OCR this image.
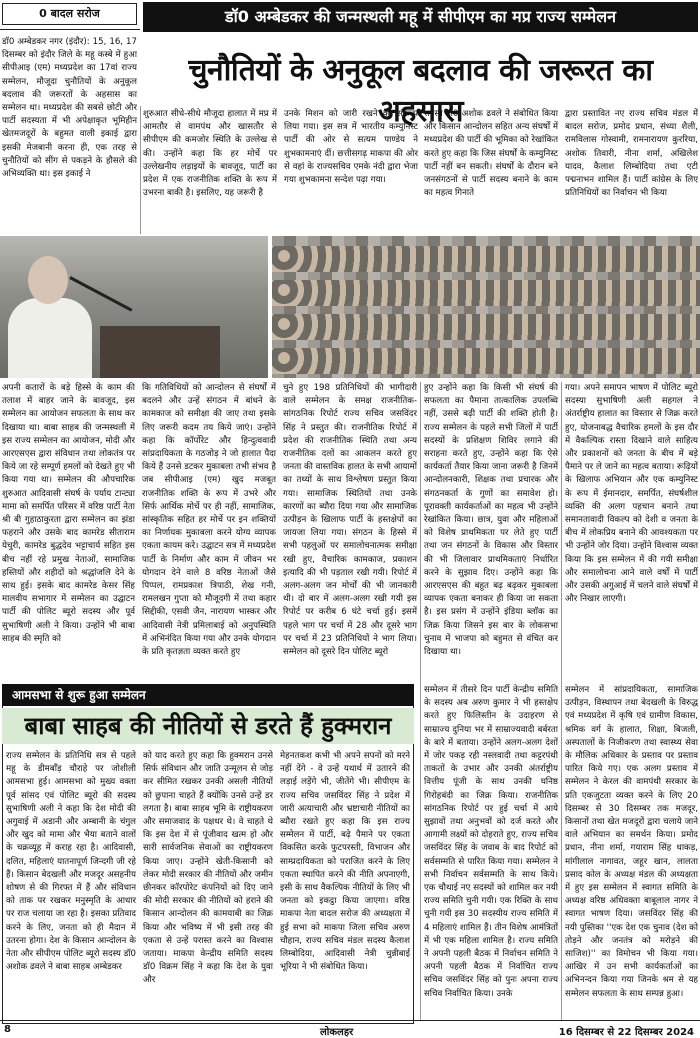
0 बादल सरोज	डॉ0 अम्बेडकर की जन्मस्थली महू में सीपीएम का मप्र राज्य सम्मेलन
चुनौतियों के अनुकूल बदलाव की जरूरत का अहसास
डॉ0 अम्बेडकर नगर (इंदौर): 15, 16, 17 दिसम्बर को इंदौर जिले के महू कस्बे में हुआ सीपीआइ (एम) मध्यप्रदेश का 17वां राज्य सम्मेलन, मौजूदा चुनौतियों के अनुकूल बदलाव की जरूरतों के अहसास का सम्मेलन था। मध्यप्रदेश की सबसे छोटी और पार्टी सदस्यता में भी अपेक्षाकृत भूमिहीन खेतमजदूरों के बहुमत वाली इकाई द्वारा इसकी मेजबानी करना ही, एक तरह से चुनौतियों को सींग से पकड़ने के हौसले की अभिव्यक्ति था। इस इकाई ने
शुरुआत सीधे-सीधे मौजूदा हालात में मप्र में आमतौर से वामपंथ और खासतौर से सीपीएम की कमजोर स्थिति के उल्लेख से की। उन्होंने कहा कि हर मोर्चे पर उल्लेखनीय लड़ाइयों के बावजूद, पार्टी का प्रदेश में एक राजनीतिक शक्ति के रूप में उभरना बाकी है। इसलिए, यह जरूरी है
उनके मिशन को जारी रखने का संकल्प लिया गया। इस सत्र में भारतीय कम्युनिस्ट पार्टी की ओर से सत्यम पाण्डेय ने शुभकामनाएं दीं। छत्तीसगढ़ माकपा की ओर से वहां के राज्यसचिव एमके नंदी द्वारा भेजा गया शुभकामना सन्देश पढ़ा गया।
सदस्य डॉ0 अशोक ढवले ने संबोधित किया और किसान आन्दोलन सहित अन्य संघर्षों में मध्यप्रदेश की पार्टी की भूमिका को रेखांकित करते हुए कहा कि जिस संघर्षों के कम्युनिस्ट पार्टी नहीं बन सकती। संघर्षों के दौरान बने जनसंगठनों से पार्टी सदस्य बनाने के काम का महत्व गिनाते
द्वारा प्रस्तावित नए राज्य सचिव मंडल में बादल सरोज, प्रमोद प्रधान, संध्या शैली, रामविलास गोस्वामी, रामनारायण कुररिया, अशोक तिवारी, नीना शर्मा, अखिलेश यादव, कैलाश लिम्बोदिया तथा एटी पद्मनाभन शामिल हैं। पार्टी कांग्रेस के लिए प्रतिनिधियों का निर्वाचन भी किया
अपनी कतारों के बड़े हिस्से के काम की तलाश में बाहर जाने के बावजूद, इस सम्मेलन का आयोजन सफलता के साथ कर दिखाया था। बाबा साहब की जन्मस्थली में इस राज्य सम्मेलन का आयोजन, मोदी और आरएसएस द्वारा संविधान तथा लोकतंत्र पर किये जा रहे सम्पूर्ण हमलों को देखते हुए भी किया गया था। सम्मेलन की औपचारिक शुरुआत आदिवासी संघर्ष के पर्याय टान्ट्या मामा को समर्पित परिसर में वरिष्ठ पार्टी नेता श्री बी गुहाठाकुरता द्वारा सम्मेलन का झंडा फहराने और उसके बाद कामरेड सीताराम येचुरी, कामरेड बुद्धदेव भट्टाचार्य सहित इस बीच नहीं रहे प्रमुख नेताओं, सामाजिक हस्तियों और शहीदों को श्रद्धांजलि देने के साथ हुई। इसके बाद कामरेड केसर सिंह मालवीय सभागार में सम्मेलन का उद्घाटन पार्टी की पोलिट ब्यूरो सदस्य और पूर्व सुभाषिणी अली ने किया। उन्होंने भी बाबा साहब की स्मृति को
कि गतिविधियों को आन्दोलन से संघर्षों में बदलने और उन्हें संगठन में बांधने के कामकाज को समीक्षा की जाए तथा इसके लिए जरूरी कदम तय किये जाएं। उन्होंने कहा कि कॉर्पोरेट और हिन्दुत्ववादी सांप्रदायिकता के गठजोड़ ने जो हालात पैदा किये हैं उनसे डटकर मुकाबला तभी संभव है जब सीपीआइ (एम) खुद मजबूत राजनीतिक शक्ति के रूप में उभरे और सिर्फ आर्थिक मोर्चे पर ही नहीं, सामाजिक, सांस्कृतिक सहित हर मोर्चे पर इन शक्तियों का निर्णायक मुकाबला करने योग्य व्यापक एकता कायम करे। उद्घाटन सत्र में मध्यप्रदेश पार्टी के निर्माण और काम में जीवन भर योगदान देने वाले 8 वरिष्ठ नेताओं जैसे पिप्पल, रामप्रकाश त्रिपाठी, शेख गनी, रामलखन गुप्ता को मौजूदगी में तथा कहार सिद्दीकी, एसवी जैन, नारायण भास्कर और आदिवासी नेत्री प्रमिलाबाई को अनुपस्थिति में अभिनंदित किया गया और उनके योगदान के प्रति कृतज्ञता व्यक्त करते हुए
चुने हुए 198 प्रतिनिधियों की भागीदारी वाले सम्मेलन के समक्ष राजनीतिक-सांगठनिक रिपोर्ट राज्य सचिव जसविंदर सिंह ने प्रस्तुत की। राजनीतिक रिपोर्ट में प्रदेश की राजनीतिक स्थिति तथा अन्य राजनीतिक दलों का आकलन करते हुए जनता की वास्तविक हालत के सभी आयामों का तथ्यों के साथ विश्लेषण प्रस्तुत किया गया। सामाजिक स्थितियों तथा उनके कारणों का ब्यौरा दिया गया और सामाजिक उत्पीड़न के खिलाफ पार्टी के हस्तक्षेपों का जायजा लिया गया। संगठन के हिस्से में सभी पहलुओं पर समालोचनात्मक समीक्षा रखी हुए, वैचारिक कामकाज, प्रकाशन इत्यादि की भी पड़ताल रखी गयी। रिपोर्ट में अलग-अलग जन मोर्चों की भी जानकारी थी। दो बार में अलग-अलग रखी गयी इस रिपोर्ट पर करीब 6 घंटे चर्चा हुई। इसमें पहले भाग पर चर्चा में 28 और दूसरे भाग पर चर्चा में 23 प्रतिनिधियों ने भाग लिया। सम्मेलन को दूसरे दिन पोलिट ब्यूरो
हुए उन्होंने कहा कि किसी भी संघर्ष की सफलता का पैमाना तात्कालिक उपलब्धि नहीं, उससे बढ़ी पार्टी की शक्ति होती है। राज्य सम्मेलन के पहले सभी जिलों में पार्टी सदस्यों के प्रशिक्षण शिविर लगाने की सराहना करते हुए, उन्होंने कहा कि ऐसे कार्यकर्ता तैयार किया जाना जरूरी है जिनमें आन्दोलनकारी, शिक्षक तथा प्रचारक और संगठनकर्ता के गुणों का समावेश हो। पूरावक्ती कार्यकर्ताओं का महत्व भी उन्होंने रेखांकित किया। छात्र, युवा और महिलाओं को विशेष प्राथमिकता पर लेते हुए पार्टी तथा जन संगठनों के विकास और विस्तार की भी जिलावार प्राथमिकताएं निर्धारित करने के सुझाव दिए। उन्होंने कहा कि आरएसएस की बहुत बढ़ बढ़कर मुकाबला व्यापक एकता बनाकर ही किया जा सकता है। इस प्रसंग में उन्होंने इंडिया ब्लॉक का जिक्र किया जिसने इस बार के लोकसभा चुनाव में भाजपा को बहुमत से वंचित कर दिखाया था।
गया। अपने समापन भाषण में पोलिट ब्यूरो सदस्या सुभाषिणी अली सहगल ने अंतर्राष्ट्रीय हालात का विस्तार से जिक्र करते हुए, योजनाबद्ध वैचारिक हमलों के इस दौर में वैकल्पिक रास्ता दिखाने वाले साहित्य और प्रकाशनों को जनता के बीच में बड़े पैमाने पर ले जाने का महत्व बताया। रूढ़ियों के खिलाफ अभियान और एक कम्युनिस्ट के रूप में ईमानदार, समर्पित, संघर्षशील व्यक्ति की अलग पहचान बनाने तथा समानतावादी विकल्प को देशी व जनता के बीच में लोकप्रिय बनाने की आवश्यकता पर भी उन्होंने जोर दिया। उन्होंने विश्वास व्यक्त किया कि इस सम्मेलन में की गयी समीक्षा और समालोचना आने वाले वर्षों में पार्टी और उसकी अगुआई में चलने वाले संघर्षों में और निखार लाएगी।
सम्मेलन में तीसरे दिन पार्टी केन्द्रीय समिति के सदस्य अब अरुण कुमार ने भी हस्तक्षेप करते हुए फिलिस्तीन के उदाहरण से साम्राज्य दुनिया भर में साम्राज्यवादी बर्बरता के बारे में बताया। उन्होंने अलग-अलग देशों में जोर पकड़ रही नस्लवादी तथा कट्टरपंथी ताकतों के उभार और उनकी अंतर्राष्ट्रीय वित्तीय पूंजी के साथ उनकी घनिष्ठ गिरोहबंदी का जिक्र किया। राजनीतिक सांगठनिक रिपोर्ट पर हुई चर्चा में आये सुझावों तथा अनुभवों को दर्ज करते और आगामी लक्ष्यों को दोहराते हुए, राज्य सचिव जसविंदर सिंह के जवाब के बाद रिपोर्ट को सर्वसम्मति से पारित किया गया। सम्मेलन ने सभी निर्वाचन सर्वसम्मति के साथ किये। एक चौथाई नए सदस्यों को शामिल कर नयी राज्य समिति चुनी गयी। एक रिक्ति के साथ चुनी गयी इस 30 सदस्यीय राज्य समिति में 4 महिलाएं शामिल हैं। तीन विशेष आमंत्रितों में भी एक महिला शामिल है। राज्य समिति ने अपनी पहली बैठक में निर्वाचन समिति ने अपनी पहली बैठक में निर्वाचित राज्य सचिव जसविंदर सिंह को पुनः अपना राज्य सचिव निर्वाचित किया। उनके
सम्मेलन में सांप्रदायिकता, सामाजिक उत्पीड़न, विस्थापन तथा बेदखली के विरुद्ध एवं मध्यप्रदेश में कृषि एवं ग्रामीण विकास, श्रमिक वर्ग के हालात, शिक्षा, बिजली, अस्पतालों के निजीकरण तथा स्वास्थ्य सेवा के मौलिक अधिकार के प्रस्ताव पर प्रस्ताव पारित किये गए। एक अलग प्रस्ताव में सम्मेलन ने केरल की वामपंथी सरकार के प्रति एकजुटता व्यक्त करने के लिए 20 दिसम्बर से 30 दिसम्बर तक मजदूर, किसानों तथा खेत मजदूरों द्वारा चलाये जाने वाले अभियान का समर्थन किया। प्रमोद प्रधान, नीना शर्मा, गयाराम सिंह धाकड़, मांगीलाल नागावत, जहूर खान, लालता प्रसाद कोल के अध्यक्ष मंडल की अध्यक्षता में हुए इस सम्मेलन में स्वागत समिति के अध्यक्ष वरिष्ठ अधिवक्ता बाबूलाल नागर ने स्वागत भाषण दिया। जसविंदर सिंह की नयी पुस्तिका ''एक देश एक चुनाव (देश को तोड़ने और जनतंत्र को मरोड़ने की साजिश)'' का विमोचन भी किया गया। आखिर में उन सभी कार्यकर्ताओं का अभिनन्दन किया गया जिनके श्रम से यह सम्मेलन सफलता के साथ सम्पन्न हुआ।
आमसभा से शुरू हुआ सम्मेलन
बाबा साहब की नीतियों से डरते हैं हुक्मरान
राज्य सम्मेलन के प्रतिनिधि सत्र से पहले महू के डीमबाँड़ चौराहे पर जोशीली आमसभा हुई। आमसभा को मुख्य वक्ता पूर्व सांसद एवं पोलिट ब्यूरो की सदस्य सुभाषिणी अली ने कहा कि देश मोदी की अगुवाई में अडानी और अम्बानी के चंगुल और खुद को मामा और भैया बताने वालों के चक्रव्यूह में कराह रहा है। आदिवासी, दलित, महिलाएं यातनापूर्ण जिन्दगी जी रहे हैं। किसान बेदखली और मजदूर असहनीय शोषण से की गिरफ्त में हैं और संविधान को ताक पर रखकर मनुस्मृति के आधार पर राज चलाया जा रहा है। इसका प्रतिवाद करने के लिए, जनता को ही मैदान में उतरना होगा। देश के किसान आन्दोलन के नेता और सीपीएम पोलिट ब्यूरो सदस्य डॉ0 अशोक ढवले ने बाबा साहब अम्बेडकर
को याद करते हुए कहा कि हुक्मरान उनसे सिर्फ संविधान और जाति उन्मूलन से जोड़ कर सीमित रखकर उनकी असली नीतियों को छुपाना चाहते हैं क्योंकि उनसे उन्हें डर लगता है। बाबा साहब भूमि के राष्ट्रीयकरण और समाजवाद के पक्षधर थे। वे चाहते थे कि इस देश में से पूंजीवाद खत्म हो और सारी सार्वजनिक सेवाओं का राष्ट्रीयकरण किया जाए। उन्होंने खेती-किसानी को लेकर मोदी सरकार की नीतियों और जमीन छीनकर कॉरपोरेट कंपनियों को दिए जाने की मोदी सरकार की नीतियों को हराने की किसान आन्दोलन की कामयाबी का जिक्र किया और भविष्य में भी इसी तरह की एकता से उन्हें परास्त करने का विश्वास जताया। माकपा केन्द्रीय समिति सदस्य डॉ0 विक्रम सिंह ने कहा कि देश के युवा और
मेहनतकश कभी भी अपने सपनों को मरने नहीं देंगे - वे उन्हें यथार्थ में उतारने की लड़ाई लड़ेंगे भी, जीतेंगे भी। सीपीएम के राज्य सचिव जसविंदर सिंह ने प्रदेश में जारी अत्याचारी और भ्रष्टाचारी नीतियों का ब्यौरा रखते हुए कहा कि इस राज्य सम्मेलन में पार्टी, बढ़े पैमाने पर एकता विकसित करके फुटपरस्ती, विभाजन और साम्प्रदायिकता को पराजित करने के लिए एकता स्थापित करने की नीति अपनाएगी, इसी के साथ वैकल्पिक नीतियों के लिए भी जनता को इकट्ठा किया जाएगा। वरिष्ठ माकपा नेता बादल सरोज की अध्यक्षता में हुई सभा को माकपा जिला सचिव अरुण चौहान, राज्य सचिव मंडल सदस्य कैलाश लिम्बोदिया, आदिवासी नेत्री चुन्नीबाई भूरिया ने भी संबोधित किया।
8	लोकलहर	16 दिसम्बर से 22 दिसम्बर 2024
